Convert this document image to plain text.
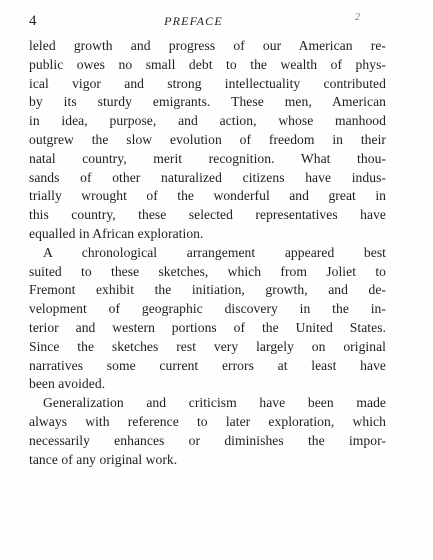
4	PREFACE	2
leled growth and progress of our American re-
public owes no small debt to the wealth of phys-
ical vigor and strong intellectuality contributed
by its sturdy emigrants. These men, American
in idea, purpose, and action, whose manhood
outgrew the slow evolution of freedom in their
natal country, merit recognition. What thou-
sands of other naturalized citizens have indus-
trially wrought of the wonderful and great in
this country, these selected representatives have
equalled in African exploration.
A chronological arrangement appeared best
suited to these sketches, which from Joliet to
Fremont exhibit the initiation, growth, and de-
velopment of geographic discovery in the in-
terior and western portions of the United States.
Since the sketches rest very largely on original
narratives some current errors at least have
been avoided.
Generalization and criticism have been made
always with reference to later exploration, which
necessarily enhances or diminishes the impor-
tance of any original work.
